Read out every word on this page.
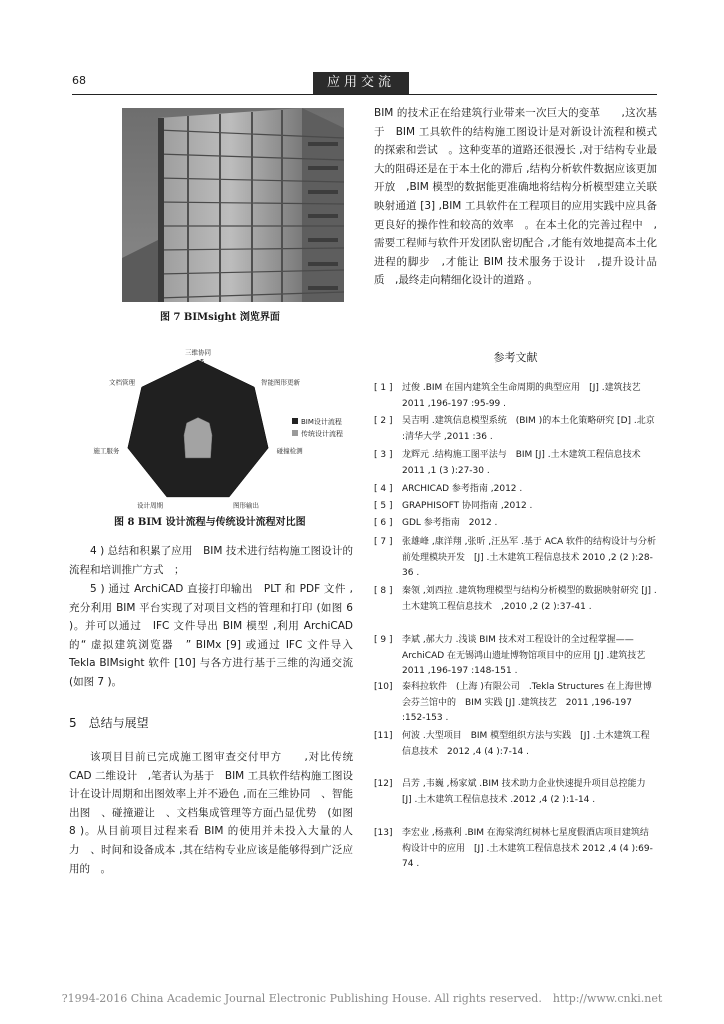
68	应用交流
图 7 BIMsight 浏览界面
三维协同
智能图形更新
碰撞检测
图形输出
设计周期
施工服务
文档管理
5
BIM设计流程
传统设计流程
图 8 BIM 设计流程与传统设计流程对比图
4 ) 总结和积累了应用　BIM 技术进行结构施工图设计的流程和培训推广方式　；
5 ) 通过 ArchiCAD 直接打印输出　PLT 和 PDF 文件 ,充分利用 BIM 平台实现了对项目文档的管理和打印 (如图 6 )。并可以通过　IFC 文件导出 BIM 模型 ,利用 ArchiCAD 的“ 虚拟建筑浏览器　” BIMx [9] 或通过 IFC 文件导入　Tekla BIMsight 软件 [10] 与各方进行基于三维的沟通交流　(如图 7 )。
5　总结与展望
该项目目前已完成施工图审查交付甲方　　,对比传统 CAD 二维设计　,笔者认为基于　BIM 工具软件结构施工图设计在设计周期和出图效率上并不逊色 ,而在三维协同　、智能出图　、碰撞避让　、文档集成管理等方面凸显优势　(如图 8 )。从目前项目过程来看 BIM 的使用并未投入大量的人力　、时间和设备成本 ,其在结构专业应该是能够得到广泛应用的　。
BIM 的技术正在给建筑行业带来一次巨大的变革　　,这次基于　BIM 工具软件的结构施工图设计是对新设计流程和模式的探索和尝试　。这种变革的道路还很漫长 ,对于结构专业最大的阻碍还是在于本土化的滞后 ,结构分析软件数据应该更加开放　,BIM 模型的数据能更准确地将结构分析模型建立关联映射通道 [3] ,BIM 工具软件在工程项目的应用实践中应具备更良好的操作性和较高的效率　。在本土化的完善过程中　,需要工程师与软件开发团队密切配合 ,才能有效地提高本土化进程的脚步　,才能让 BIM 技术服务于设计　,提升设计品质　,最终走向精细化设计的道路 。
参考文献
[ 1 ]	过俊 .BIM 在国内建筑全生命周期的典型应用　[J] .建筑技艺 2011 ,196-197 :95-99 .
[ 2 ]	吴吉明 .建筑信息模型系统　(BIM )的本土化策略研究 [D] .北京 :清华大学 ,2011 :36 .
[ 3 ]	龙辉元 .结构施工图平法与　BIM [J] .土木建筑工程信息技术 2011 ,1 (3 ):27-30 .
[ 4 ]	ARCHICAD 参考指南 ,2012 .
[ 5 ]	GRAPHISOFT 协同指南 ,2012 .
[ 6 ]	GDL 参考指南　2012 .
[ 7 ]	张雄峰 ,康洋翔 ,张昕 ,汪丛军 .基于 ACA 软件的结构设计与分析前处理模块开发　[J] .土木建筑工程信息技术 2010 ,2 (2 ):28-36 .
[ 8 ]	秦领 ,刘西拉 .建筑物理模型与结构分析模型的数据映射研究 [J] .土木建筑工程信息技术　,2010 ,2 (2 ):37-41 .
[ 9 ]	李斌 ,郝大力 .浅谈 BIM 技术对工程设计的全过程掌握——ArchiCAD 在无锡鸿山遗址博物馆项目中的应用 [J] .建筑技艺　2011 ,196-197 :148-151 .
[10]	泰科拉软件　(上海 )有限公司　.Tekla Structures 在上海世博会芬兰馆中的　BIM 实践 [J] .建筑技艺　2011 ,196-197 :152-153 .
[11]	何波 .大型项目　BIM 模型组织方法与实践　[J] .土木建筑工程信息技术　2012 ,4 (4 ):7-14 .
[12]	吕芳 ,韦巍 ,杨家斌 .BIM 技术助力企业快速提升项目总控能力 [J] .土木建筑工程信息技术 .2012 ,4 (2 ):1-14 .
[13]	李宏业 ,杨燕利 .BIM 在海棠湾红树林七星度假酒店项目建筑结构设计中的应用　[J] .土木建筑工程信息技术 2012 ,4 (4 ):69-74 .
?1994-2016 China Academic Journal Electronic Publishing House. All rights reserved.　http://www.cnki.net
